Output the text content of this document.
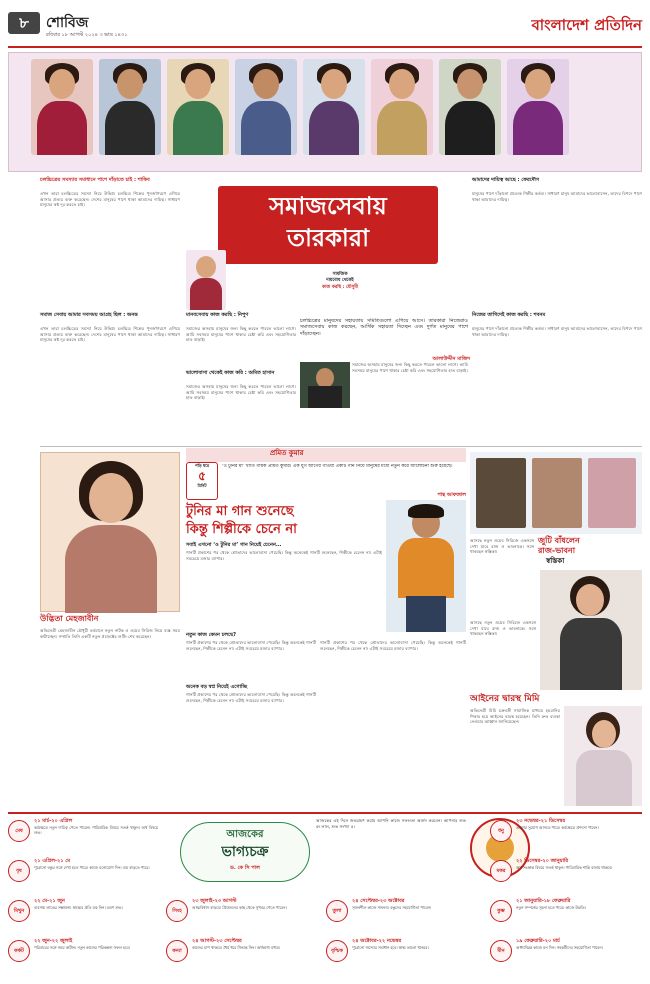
৮	শোবিজ
রবিবার ১৮ আগস্ট ২০২৪ ৩ ভাদ্র ১৪৩১
বাংলাদেশ প্রতিদিন
চলচ্চিত্রের সমস্যার সমাধানে পাশে দাঁড়াতে চাই : শাকিব
এখন তারা চলচ্চিত্রের সমস্যা নিয়ে উদ্বিগ্ন। চলচ্চিত্র শিল্পের পুনর্জাগরণে এগিয়ে আসার প্রত্যয় ব্যক্ত করেছেন। দেশের মানুষের পাশে থাকা আমাদের দায়িত্ব। সাধারণ মানুষের কষ্ট দূর করতে চাই।
সমাজ সেবায় আমার সবসময় আগ্রহ ছিল : অনন্ত
এখন তারা চলচ্চিত্রের সমস্যা নিয়ে উদ্বিগ্ন। চলচ্চিত্র শিল্পের পুনর্জাগরণে এগিয়ে আসার প্রত্যয় ব্যক্ত করেছেন। দেশের মানুষের পাশে থাকা আমাদের দায়িত্ব। সাধারণ মানুষের কষ্ট দূর করতে চাই।
সমাজসেবায়
তারকারা
সামজিক
দায়বোধ থেকেই
কাজ করছি : মৌসুমী
চলচ্চিত্রের মানুষদের সহায়তায় সমিতিগুলো এগিয়ে আসে। তারকারা নিজেরাও সমাজসেবায় কাজ করছেন, আর্থিক সহায়তা দিচ্ছেন এবং দুর্গত মানুষের পাশে দাঁড়াচ্ছেন।
আলাউদ্দীন মাজিদ
মানবসেবায় কাজ করছি : নিপুণ
সমাজের অসহায় মানুষের জন্য কিছু করতে পারলে ভালো লাগে। আমি সবসময় মানুষের পাশে থাকার চেষ্টা করি এবং সহযোগিতার হাত বাড়াই।
ভালোবাসা থেকেই কাজ করি : অমিত হাসান
সমাজের অসহায় মানুষের জন্য কিছু করতে পারলে ভালো লাগে। আমি সবসময় মানুষের পাশে থাকার চেষ্টা করি এবং সহযোগিতার হাত বাড়াই।
সমাজের অসহায় মানুষের জন্য কিছু করতে পারলে ভালো লাগে। আমি সবসময় মানুষের পাশে থাকার চেষ্টা করি এবং সহযোগিতার হাত বাড়াই।
আমাদের দায়িত্ব আছে : ফেরদৌস
মানুষের পাশে দাঁড়ানো প্রত্যেক শিল্পীর কর্তব্য। সাধারণ মানুষ আমাদের ভালোবাসেন, তাদের বিপদে পাশে থাকা আমাদের দায়িত্ব।
নিজের তাগিদেই কাজ করছি : শবনম
মানুষের পাশে দাঁড়ানো প্রত্যেক শিল্পীর কর্তব্য। সাধারণ মানুষ আমাদের ভালোবাসেন, তাদের বিপদে পাশে থাকা আমাদের দায়িত্ব।
উদ্ভিতা মেহজাবীন
অভিনেত্রী মেহজাবীন চৌধুরী বর্তমানে নতুন নাটক ও ওয়েব সিরিজ নিয়ে ব্যস্ত সময় কাটাচ্ছেন। সম্প্রতি তিনি একটি নতুন প্রজেক্টের শুটিং শেষ করেছেন।
প্রমিত কুমার
পড়ি ধরে
৫
মিনিট
‘ও টুনির মা’ খ্যাত গায়ক প্রমিত কুমার। এক যুগ আগের গাওয়া একটি গান নিয়ে মানুষের মধ্যে নতুন করে আলোচনা শুরু হয়েছে।
পান্থ আফজাল
টুনির মা গান শুনেছে
কিন্তু শিল্পীকে চেনে না
সবাই এখনো ‘ও টুনির মা’ গান নিয়েই চেনেন...
গানটি প্রকাশের পর থেকে শ্রোতাদের ভালোবাসা পেয়েছি। কিন্তু অনেকেই গানটি শুনেছেন, শিল্পীকে চেনেন না। এটাই সবচেয়ে মজার ব্যাপার।
নতুন কাজ কেমন চলছে?
গানটি প্রকাশের পর থেকে শ্রোতাদের ভালোবাসা পেয়েছি। কিন্তু অনেকেই গানটি শুনেছেন, শিল্পীকে চেনেন না। এটাই সবচেয়ে মজার ব্যাপার।
অনেক বড় স্বপ্ন নিয়েই এগোচ্ছি
গানটি প্রকাশের পর থেকে শ্রোতাদের ভালোবাসা পেয়েছি। কিন্তু অনেকেই গানটি শুনেছেন, শিল্পীকে চেনেন না। এটাই সবচেয়ে মজার ব্যাপার।
গানটি প্রকাশের পর থেকে শ্রোতাদের ভালোবাসা পেয়েছি। কিন্তু অনেকেই গানটি শুনেছেন, শিল্পীকে চেনেন না। এটাই সবচেয়ে মজার ব্যাপার।
জুটি বাঁধলেন
রাজ-ভাবনা
স্বস্তিকা
আসছে নতুন ওয়েব সিরিজে একসঙ্গে দেখা যাবে রাজ ও ভাবনাকে। সঙ্গে থাকছেন স্বস্তিকা।
আসছে নতুন ওয়েব সিরিজে একসঙ্গে দেখা যাবে রাজ ও ভাবনাকে। সঙ্গে থাকছেন স্বস্তিকা।
আইনের দ্বারস্থ মিমি
অভিনেত্রী মিমি চক্রবর্তী সামাজিক মাধ্যমে হয়রানির শিকার হয়ে আইনের দ্বারস্থ হয়েছেন। তিনি দ্রুত ব্যবস্থা নেওয়ার আহ্বান জানিয়েছেন।
আজকের
ভাগ্যচক্র
ড. কে সি পাল
আজকের এই দিনে জন্মগ্রহণ করায় আপনি কাজে সফলতা অর্জন করবেন। আপনার শুভ রং লাল, শুভ সংখ্যা ৫।
মেষ
২১ মার্চ-২০ এপ্রিল
কর্মক্ষেত্রে নতুন দায়িত্ব পেতে পারেন। পারিবারিক বিষয়ে সতর্ক থাকুন। অর্থ বিষয়ে শুভ।
বৃষ
২১ এপ্রিল-২১ মে
পুরোনো বন্ধুর সঙ্গে দেখা হতে পারে। কাজে মনোযোগ দিন। ব্যয় বাড়তে পারে।
মিথুন
২২ মে-২১ জুন
ব্যবসায় লাভের সম্ভাবনা। স্বাস্থ্যের প্রতি যত্ন নিন। ভ্রমণ শুভ।
কর্কট
২২ জুন-২২ জুলাই
পরিবারের সঙ্গে সময় কাটান। নতুন কাজের পরিকল্পনা সফল হবে।
সিংহ
২৩ জুলাই-২৩ আগস্ট
আত্মবিশ্বাস বাড়বে। প্রিয়জনের কাছ থেকে সুখবর পেতে পারেন।
কন্যা
২৪ আগস্ট-২৩ সেপ্টেম্বর
কাজের চাপ থাকবে। ধৈর্য ধরে সিদ্ধান্ত নিন। অর্থভাগ্য মধ্যম।
তুলা
২৪ সেপ্টেম্বর-২৩ অক্টোবর
সৃজনশীল কাজে সাফল্য। বন্ধুদের সহযোগিতা পাবেন।
বৃশ্চিক
২৪ অক্টোবর-২২ নভেম্বর
পুরোনো সমস্যার সমাধান হবে। স্বাস্থ্য ভালো থাকবে।
ধনু
২৩ নভেম্বর-২১ ডিসেম্বর
ভ্রমণের সুযোগ আসতে পারে। কর্মক্ষেত্রে প্রশংসা পাবেন।
মকর
২২ ডিসেম্বর-২০ জানুয়ারি
অর্থ সংক্রান্ত বিষয়ে সতর্ক থাকুন। পারিবারিক শান্তি বজায় থাকবে।
কুম্ভ
২১ জানুয়ারি-১৮ ফেব্রুয়ারি
নতুন সম্পর্কের সূচনা হতে পারে। কাজে উন্নতি।
মীন
১৯ ফেব্রুয়ারি-২০ মার্চ
আধ্যাত্মিক কাজে মন দিন। সহকর্মীদের সহযোগিতা পাবেন।
